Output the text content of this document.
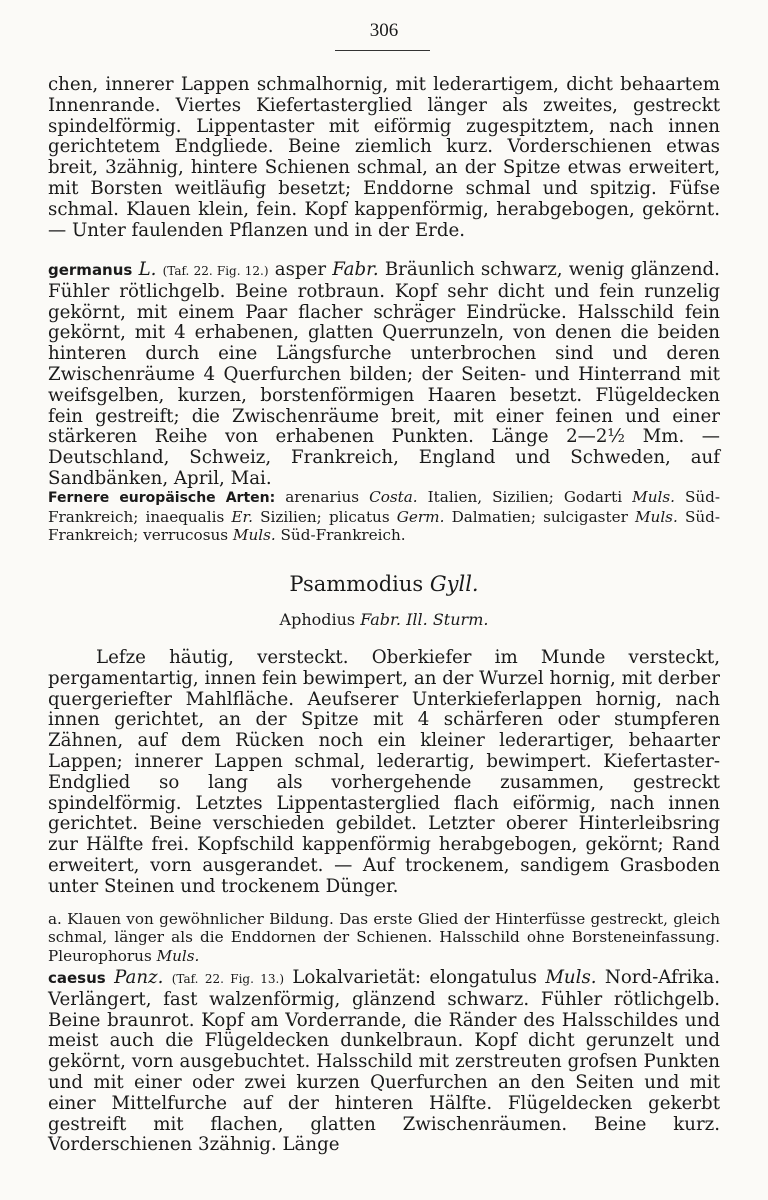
306

chen, innerer Lappen schmalhornig, mit lederartigem, dicht behaartem Innenrande. Viertes Kiefertasterglied länger als zweites, gestreckt spindelförmig. Lippentaster mit eiförmig zugespitztem, nach innen gerichtetem Endgliede. Beine ziemlich kurz. Vorderschienen etwas breit, 3zähnig, hintere Schienen schmal, an der Spitze etwas erweitert, mit Borsten weitläufig besetzt; Enddorne schmal und spitzig. Füfse schmal. Klauen klein, fein. Kopf kappenförmig, herabgebogen, gekörnt. — Unter faulenden Pflanzen und in der Erde.

germanus L. (Taf. 22. Fig. 12.) asper Fabr. Bräunlich schwarz, wenig glänzend. Fühler rötlichgelb. Beine rotbraun. Kopf sehr dicht und fein runzelig gekörnt, mit einem Paar flacher schräger Eindrücke. Halsschild fein gekörnt, mit 4 erhabenen, glatten Querrunzeln, von denen die beiden hinteren durch eine Längsfurche unterbrochen sind und deren Zwischenräume 4 Querfurchen bilden; der Seiten- und Hinterrand mit weifsgelben, kurzen, borstenförmigen Haaren besetzt. Flügeldecken fein gestreift; die Zwischenräume breit, mit einer feinen und einer stärkeren Reihe von erhabenen Punkten. Länge 2—2½ Mm. — Deutschland, Schweiz, Frankreich, England und Schweden, auf Sandbänken, April, Mai.

Fernere europäische Arten: arenarius Costa. Italien, Sizilien; Godarti Muls. Süd-Frankreich; inaequalis Er. Sizilien; plicatus Germ. Dalmatien; sulcigaster Muls. Süd-Frankreich; verrucosus Muls. Süd-Frankreich.

Psammodius Gyll.
Aphodius Fabr. Ill. Sturm.

Lefze häutig, versteckt. Oberkiefer im Munde versteckt, pergamentartig, innen fein bewimpert, an der Wurzel hornig, mit derber quergeriefter Mahlfläche. Aeufserer Unterkieferlappen hornig, nach innen gerichtet, an der Spitze mit 4 schärferen oder stumpferen Zähnen, auf dem Rücken noch ein kleiner lederartiger, behaarter Lappen; innerer Lappen schmal, lederartig, bewimpert. Kiefertaster-Endglied so lang als vorhergehende zusammen, gestreckt spindelförmig. Letztes Lippentasterglied flach eiförmig, nach innen gerichtet. Beine verschieden gebildet. Letzter oberer Hinterleibsring zur Hälfte frei. Kopfschild kappenförmig herabgebogen, gekörnt; Rand erweitert, vorn ausgerandet. — Auf trockenem, sandigem Grasboden unter Steinen und trockenem Dünger.

a. Klauen von gewöhnlicher Bildung. Das erste Glied der Hinterfüsse gestreckt, gleich schmal, länger als die Enddornen der Schienen. Halsschild ohne Borsteneinfassung. Pleurophorus Muls.

caesus Panz. (Taf. 22. Fig. 13.) Lokalvarietät: elongatulus Muls. Nord-Afrika. Verlängert, fast walzenförmig, glänzend schwarz. Fühler rötlichgelb. Beine braunrot. Kopf am Vorderrande, die Ränder des Halsschildes und meist auch die Flügeldecken dunkelbraun. Kopf dicht gerunzelt und gekörnt, vorn ausgebuchtet. Halsschild mit zerstreuten grofsen Punkten und mit einer oder zwei kurzen Querfurchen an den Seiten und mit einer Mittelfurche auf der hinteren Hälfte. Flügeldecken gekerbt gestreift mit flachen, glatten Zwischenräumen. Beine kurz. Vorderschienen 3zähnig. Länge
